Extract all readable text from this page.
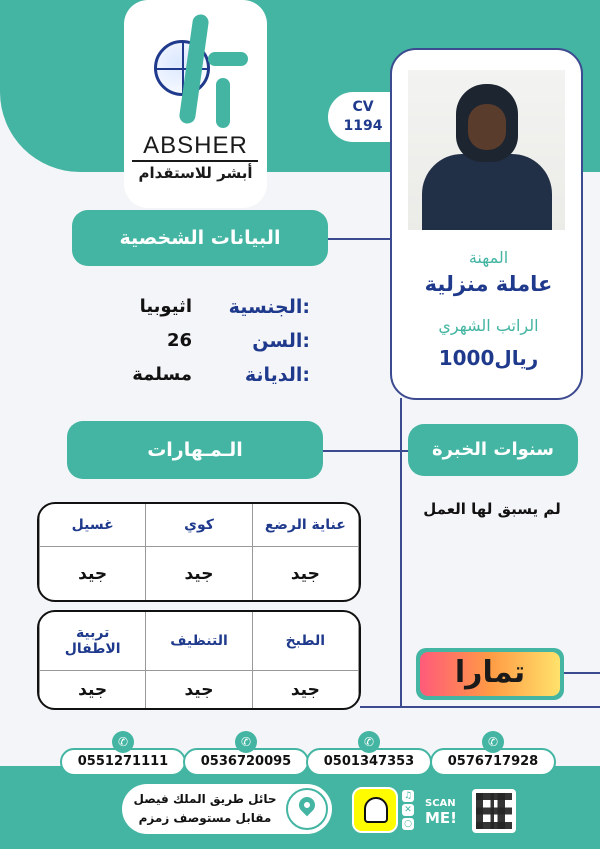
ABSHER
أبشر للاستقدام
CV
1194
المهنة
عاملة منزلية
الراتب الشهري
1000ريال
البيانات الشخصية
الجنسية:
اثيوبيا
السن:
26
الديانة:
مسلمة
الـمـهارات
غسيل	كوي	عناية الرضع
جيد	جيد	جيد
تربية الاطفال	التنظيف	الطبخ
جيد	جيد	جيد
سنوات الخبرة
لم يسبق لها العمل
تمارا
0551271111
✆
0536720095
✆
0501347353
✆
0576717928
✆
حائل طريق الملك فيصل
مقابل مستوصف زمزم
♫
✕
○
SCAN
ME!
